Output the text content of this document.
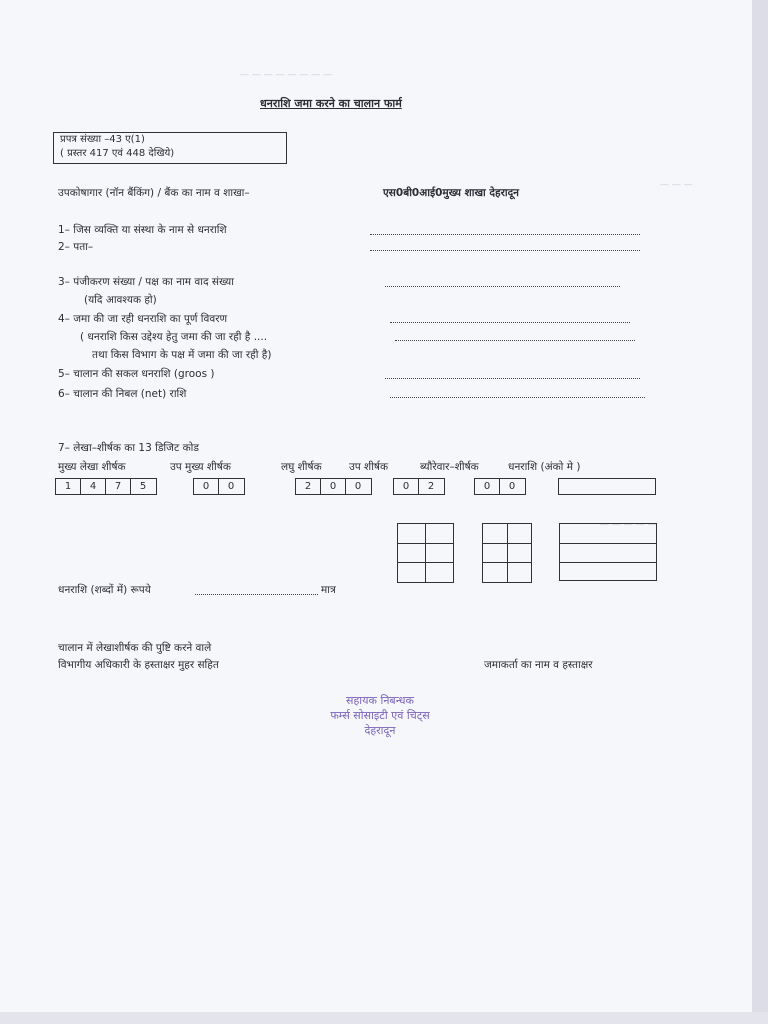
— — — — — — — —
— — —
— — — — —
धनराशि जमा करने का चालान फार्म
प्रपत्र संख्या –43 ए(1)
( प्रस्तर 417 एवं 448 देखिये)
उपकोषागार (नॉन बैंकिंग) / बैंक का नाम व शाखा–	एस0बी0आई0मुख्य शाखा देहरादून
1– जिस व्यक्ति या संस्था के नाम से धनराशि
2– पता–
3– पंजीकरण संख्या / पक्ष का नाम वाद संख्या
(यदि आवश्यक हो)
4– जमा की जा रही धनराशि का पूर्ण विवरण
( धनराशि किस उद्देश्य हेतु जमा की जा रही है ....
तथा किस विभाग के पक्ष में जमा की जा रही है)
5– चालान की सकल धनराशि (groos )
6– चालान की निबल (net) राशि
7– लेखा–शीर्षक का 13 डिजिट कोड
मुख्य लेखा शीर्षक	उप मुख्य शीर्षक	लघु शीर्षक	उप शीर्षक	ब्यौरेवार–शीर्षक	धनराशि (अंको मे )
1 4 7 5	0 0	2 0 0	0 2	0 0
धनराशि (शब्दों में) रूपये	मात्र
चालान में लेखाशीर्षक की पुष्टि करने वाले
विभागीय अधिकारी के हस्ताक्षर मुहर सहित	जमाकर्ता का नाम व हस्ताक्षर
सहायक निबन्धक
फर्म्स सोसाइटी एवं चिट्स
देहरादून
